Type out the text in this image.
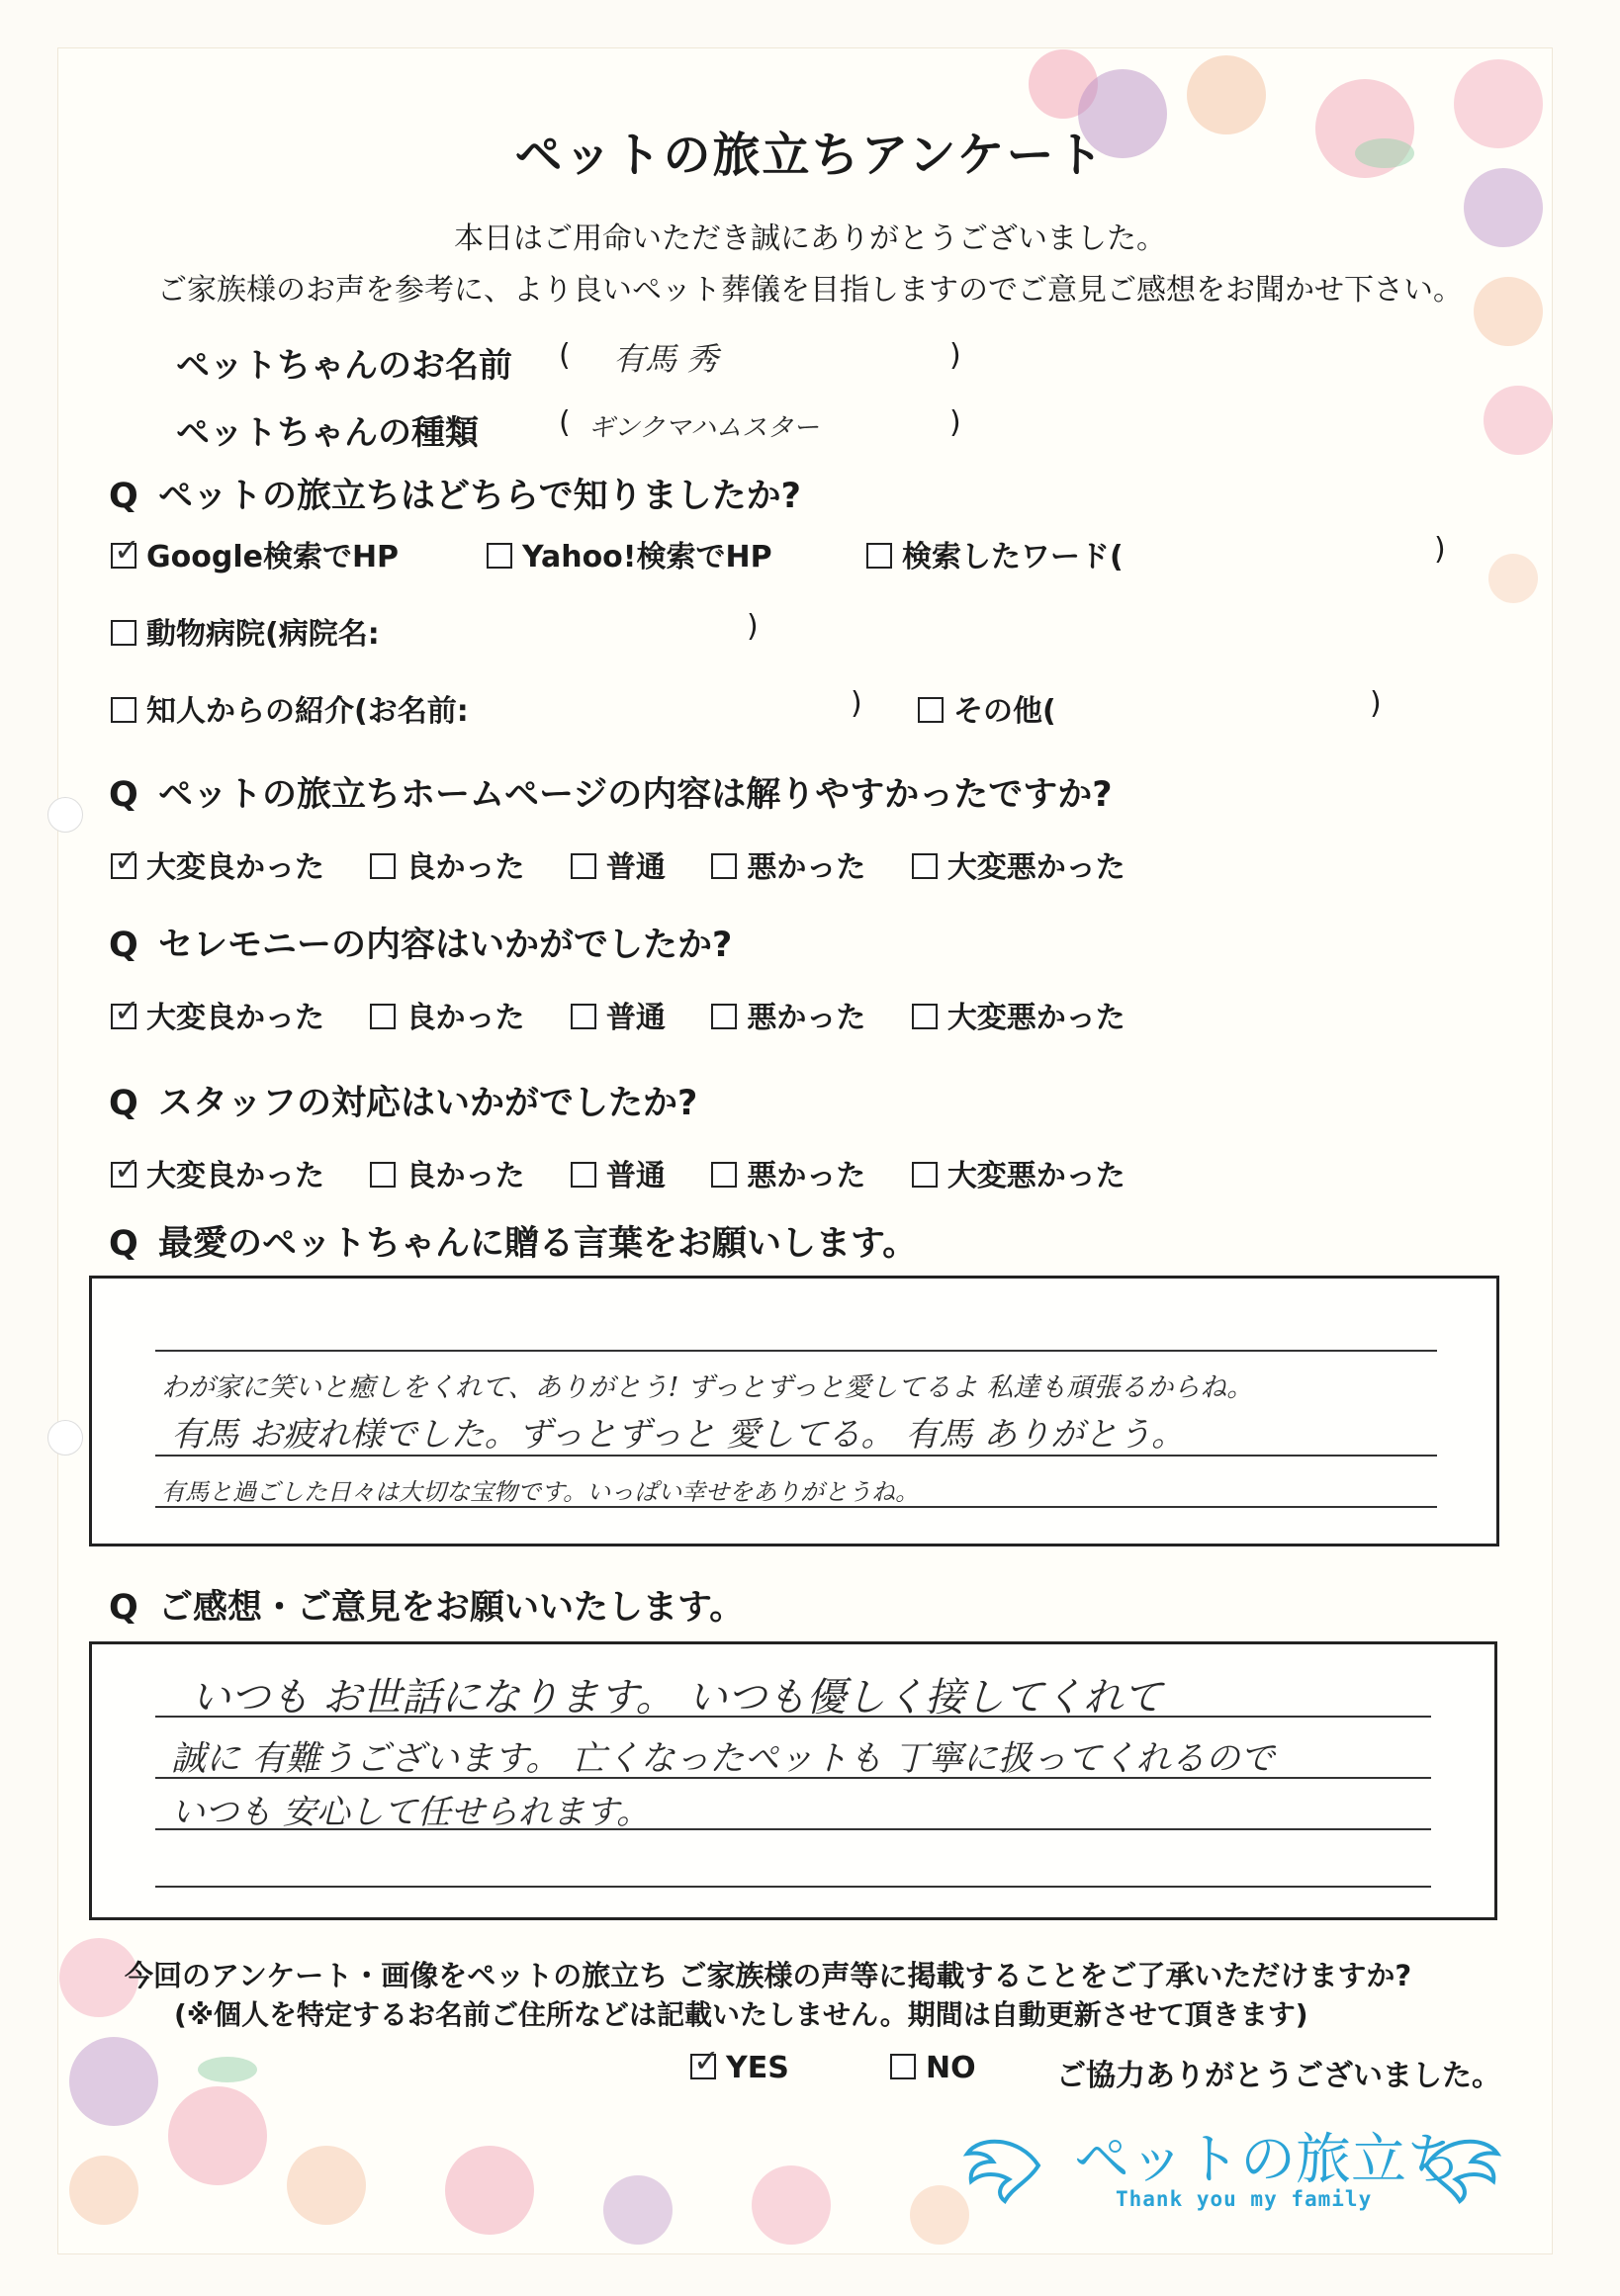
ペットの旅立ちアンケート
本日はご用命いただき誠にありがとうございました。
ご家族様のお声を参考に、より良いペット葬儀を目指しますのでご意見ご感想をお聞かせ下さい。
ペットちゃんのお名前 ( 有馬 秀	)
ペットちゃんの種類	( ギンクマハムスター	)
Q ペットの旅立ちはどちらで知りましたか?
✓Google検索でHP	Yahoo!検索でHP	検索したワード(	)
動物病院(病院名:	)
知人からの紹介(お名前:	)	その他(	)
Q ペットの旅立ちホームページの内容は解りやすかったですか?
✓大変良かった	良かった	普通	悪かった	大変悪かった
Q セレモニーの内容はいかがでしたか?
✓大変良かった	良かった	普通	悪かった	大変悪かった
Q スタッフの対応はいかがでしたか?
✓大変良かった	良かった	普通	悪かった	大変悪かった
Q 最愛のペットちゃんに贈る言葉をお願いします。
わが家に笑いと癒しをくれて、ありがとう! ずっとずっと愛してるよ 私達も頑張るからね。
有馬 お疲れ様でした。ずっとずっと 愛してる。 有馬 ありがとう。
有馬と過ごした日々は大切な宝物です。いっぱい幸せをありがとうね。
Q ご感想・ご意見をお願いいたします。
いつも お世話になります。 いつも優しく接してくれて
誠に 有難うございます。 亡くなったペットも 丁寧に扱ってくれるので
いつも 安心して任せられます。
今回のアンケート・画像をペットの旅立ち ご家族様の声等に掲載することをご了承いただけますか?
(※個人を特定するお名前ご住所などは記載いたしません。期間は自動更新させて頂きます)
✓YES	NO	ご協力ありがとうございました。
ペットの旅立ち
Thank you my family
